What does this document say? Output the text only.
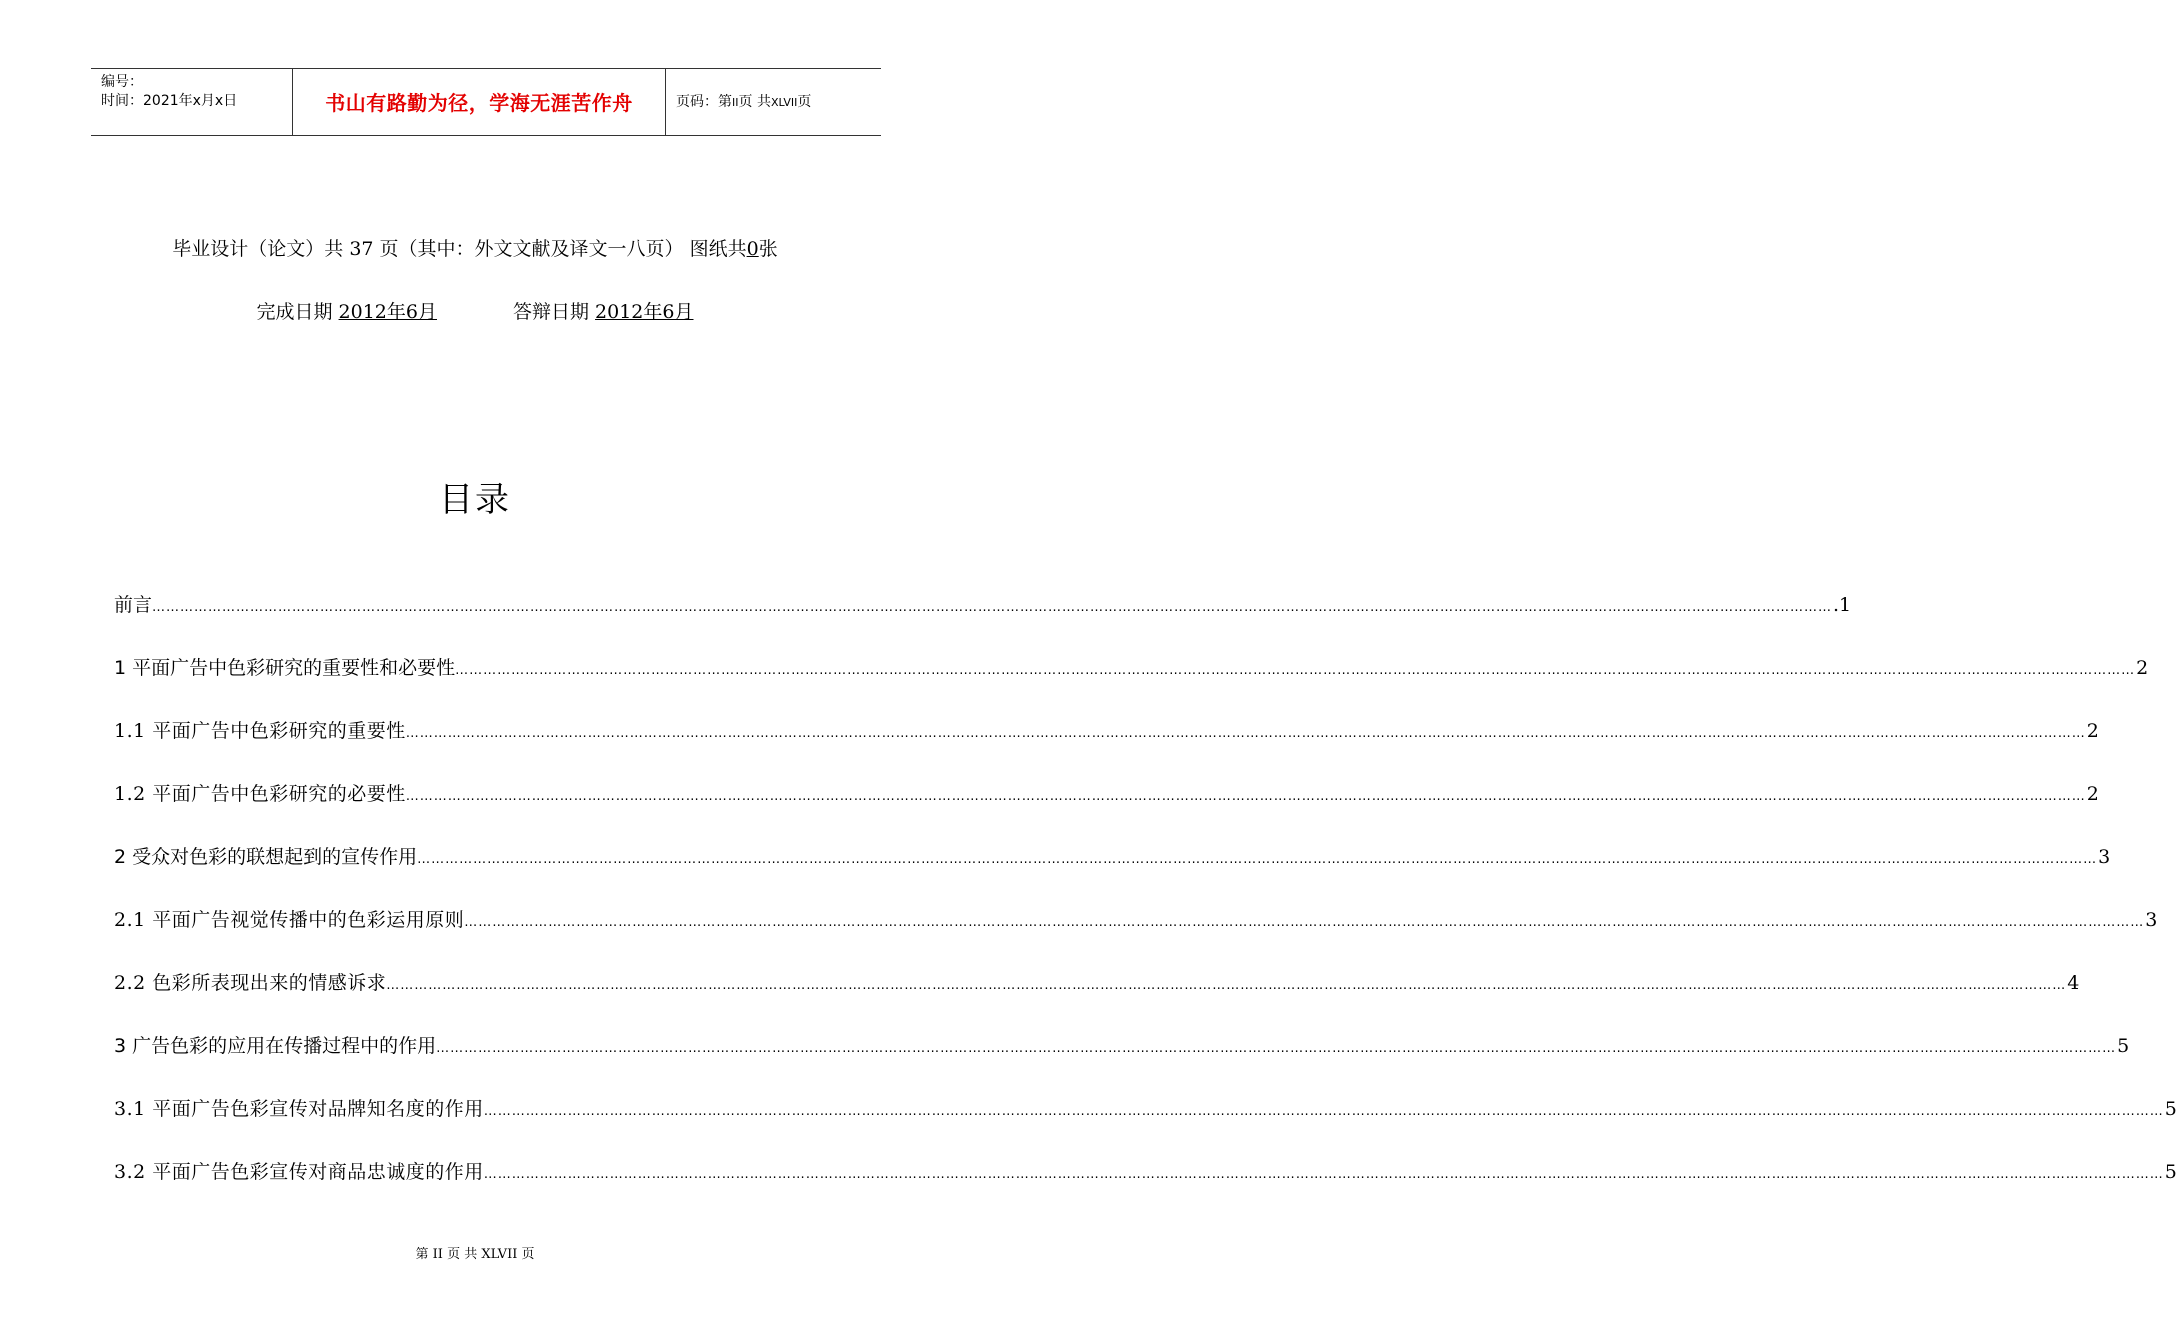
编号：
时间：2021年x月x日	书山有路勤为径，学海无涯苦作舟	页码：第II页 共XLVII页
毕业设计（论文）共 37 页（其中：外文文献及译文一八页） 图纸共0张
完成日期 2012年6月	答辩日期 2012年6月
目录
前言 ……………………………………………………………………………………………………………………………………………………………………………………………………………………………………………………………………………………………………………………………… .1
1 平面广告中色彩研究的重要性和必要性 ……………………………………………………………………………………………………………………………………………………………………………………………………………………………………………………………………………………………………………………………… 2
1.1 平面广告中色彩研究的重要性 ……………………………………………………………………………………………………………………………………………………………………………………………………………………………………………………………………………………………………………………………… 2
1.2 平面广告中色彩研究的必要性 ……………………………………………………………………………………………………………………………………………………………………………………………………………………………………………………………………………………………………………………………… 2
2 受众对色彩的联想起到的宣传作用 ……………………………………………………………………………………………………………………………………………………………………………………………………………………………………………………………………………………………………………………………… 3
2.1 平面广告视觉传播中的色彩运用原则 ……………………………………………………………………………………………………………………………………………………………………………………………………………………………………………………………………………………………………………………………… 3
2.2 色彩所表现出来的情感诉求 ……………………………………………………………………………………………………………………………………………………………………………………………………………………………………………………………………………………………………………………………… 4
3 广告色彩的应用在传播过程中的作用 ……………………………………………………………………………………………………………………………………………………………………………………………………………………………………………………………………………………………………………………………… 5
3.1 平面广告色彩宣传对品牌知名度的作用 ……………………………………………………………………………………………………………………………………………………………………………………………………………………………………………………………………………………………………………………………… 5
3.2 平面广告色彩宣传对商品忠诚度的作用 ……………………………………………………………………………………………………………………………………………………………………………………………………………………………………………………………………………………………………………………………… 5
第 II 页 共 XLVII 页
